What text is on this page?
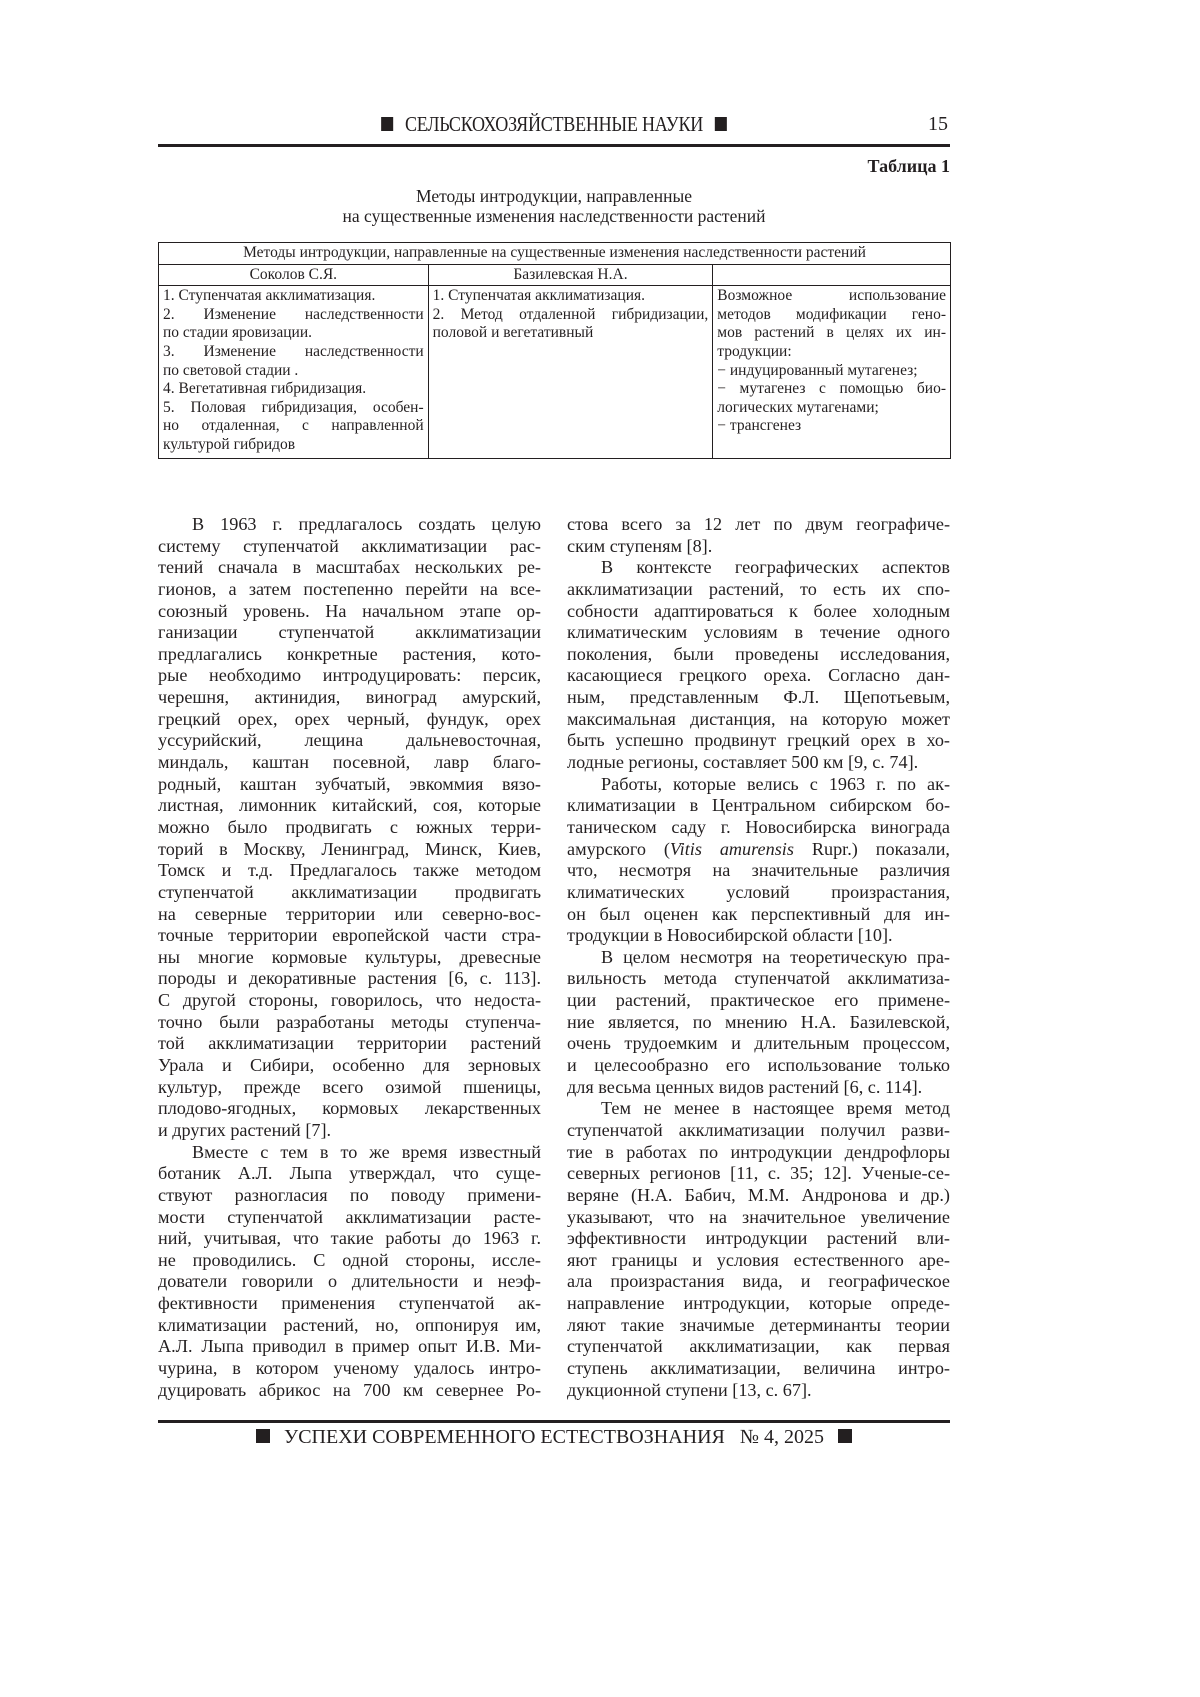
СЕЛЬСКОХОЗЯЙСТВЕННЫЕ НАУКИ	15
Таблица 1
Методы интродукции, направленные
на существенные изменения наследственности растений
Методы интродукции, направленные на существенные изменения наследственности растений
Соколов С.Я.	Базилевская Н.А.	

1. Ступенчатая акклиматизация.
2. Изменение наследственности
по стадии яровизации.
3. Изменение наследственности
по световой стадии .
4. Вегетативная гибридизация.
5. Половая гибридизация, особен-
но отдаленная, с направленной
культурой гибридов

1. Ступенчатая акклиматизация.
2. Метод отдаленной гибридизации,
половой и вегетативный

Возможное использование
методов модификации гено-
мов растений в целях их ин-
тродукции:
− индуцированный мутагенез;
− мутагенез с помощью био-
логических мутагенами;
− трансгенез
В 1963 г. предлагалось создать целую
систему ступенчатой акклиматизации рас-
тений сначала в масштабах нескольких ре-
гионов, а затем постепенно перейти на все-
союзный уровень. На начальном этапе ор-
ганизации ступенчатой акклиматизации
предлагались конкретные растения, кото-
рые необходимо интродуцировать: персик,
черешня, актинидия, виноград амурский,
грецкий орех, орех черный, фундук, орех
уссурийский, лещина дальневосточная,
миндаль, каштан посевной, лавр благо-
родный, каштан зубчатый, эвкоммия вязо-
листная, лимонник китайский, соя, которые
можно было продвигать с южных терри-
торий в Москву, Ленинград, Минск, Киев,
Томск и т.д. Предлагалось также методом
ступенчатой акклиматизации продвигать
на северные территории или северно-вос-
точные территории европейской части стра-
ны многие кормовые культуры, древесные
породы и декоративные растения [6, с. 113].
С другой стороны, говорилось, что недоста-
точно были разработаны методы ступенча-
той акклиматизации территории растений
Урала и Сибири, особенно для зерновых
культур, прежде всего озимой пшеницы,
плодово-ягодных, кормовых лекарственных
и других растений [7].
Вместе с тем в то же время известный
ботаник А.Л. Лыпа утверждал, что суще-
ствуют разногласия по поводу примени-
мости ступенчатой акклиматизации расте-
ний, учитывая, что такие работы до 1963 г.
не проводились. С одной стороны, иссле-
дователи говорили о длительности и неэф-
фективности применения ступенчатой ак-
климатизации растений, но, оппонируя им,
А.Л. Лыпа приводил в пример опыт И.В. Ми-
чурина, в котором ученому удалось интро-
дуцировать абрикос на 700 км севернее Ро-
стова всего за 12 лет по двум географиче-
ским ступеням [8].
В контексте географических аспектов
акклиматизации растений, то есть их спо-
собности адаптироваться к более холодным
климатическим условиям в течение одного
поколения, были проведены исследования,
касающиеся грецкого ореха. Согласно дан-
ным, представленным Ф.Л. Щепотьевым,
максимальная дистанция, на которую может
быть успешно продвинут грецкий орех в хо-
лодные регионы, составляет 500 км [9, с. 74].
Работы, которые велись с 1963 г. по ак-
климатизации в Центральном сибирском бо-
таническом саду г. Новосибирска винограда
амурского (Vitis amurensis Rupr.) показали,
что, несмотря на значительные различия
климатических условий произрастания,
он был оценен как перспективный для ин-
тродукции в Новосибирской области [10].
В целом несмотря на теоретическую пра-
вильность метода ступенчатой акклиматиза-
ции растений, практическое его примене-
ние является, по мнению Н.А. Базилевской,
очень трудоемким и длительным процессом,
и целесообразно его использование только
для весьма ценных видов растений [6, с. 114].
Тем не менее в настоящее время метод
ступенчатой акклиматизации получил разви-
тие в работах по интродукции дендрофлоры
северных регионов [11, с. 35; 12]. Ученые-се-
веряне (Н.А. Бабич, М.М. Андронова и др.)
указывают, что на значительное увеличение
эффективности интродукции растений вли-
яют границы и условия естественного аре-
ала произрастания вида, и географическое
направление интродукции, которые опреде-
ляют такие значимые детерминанты теории
ступенчатой акклиматизации, как первая
ступень акклиматизации, величина интро-
дукционной ступени [13, с. 67].
УСПЕХИ СОВРЕМЕННОГО ЕСТЕСТВОЗНАНИЯ № 4, 2025
